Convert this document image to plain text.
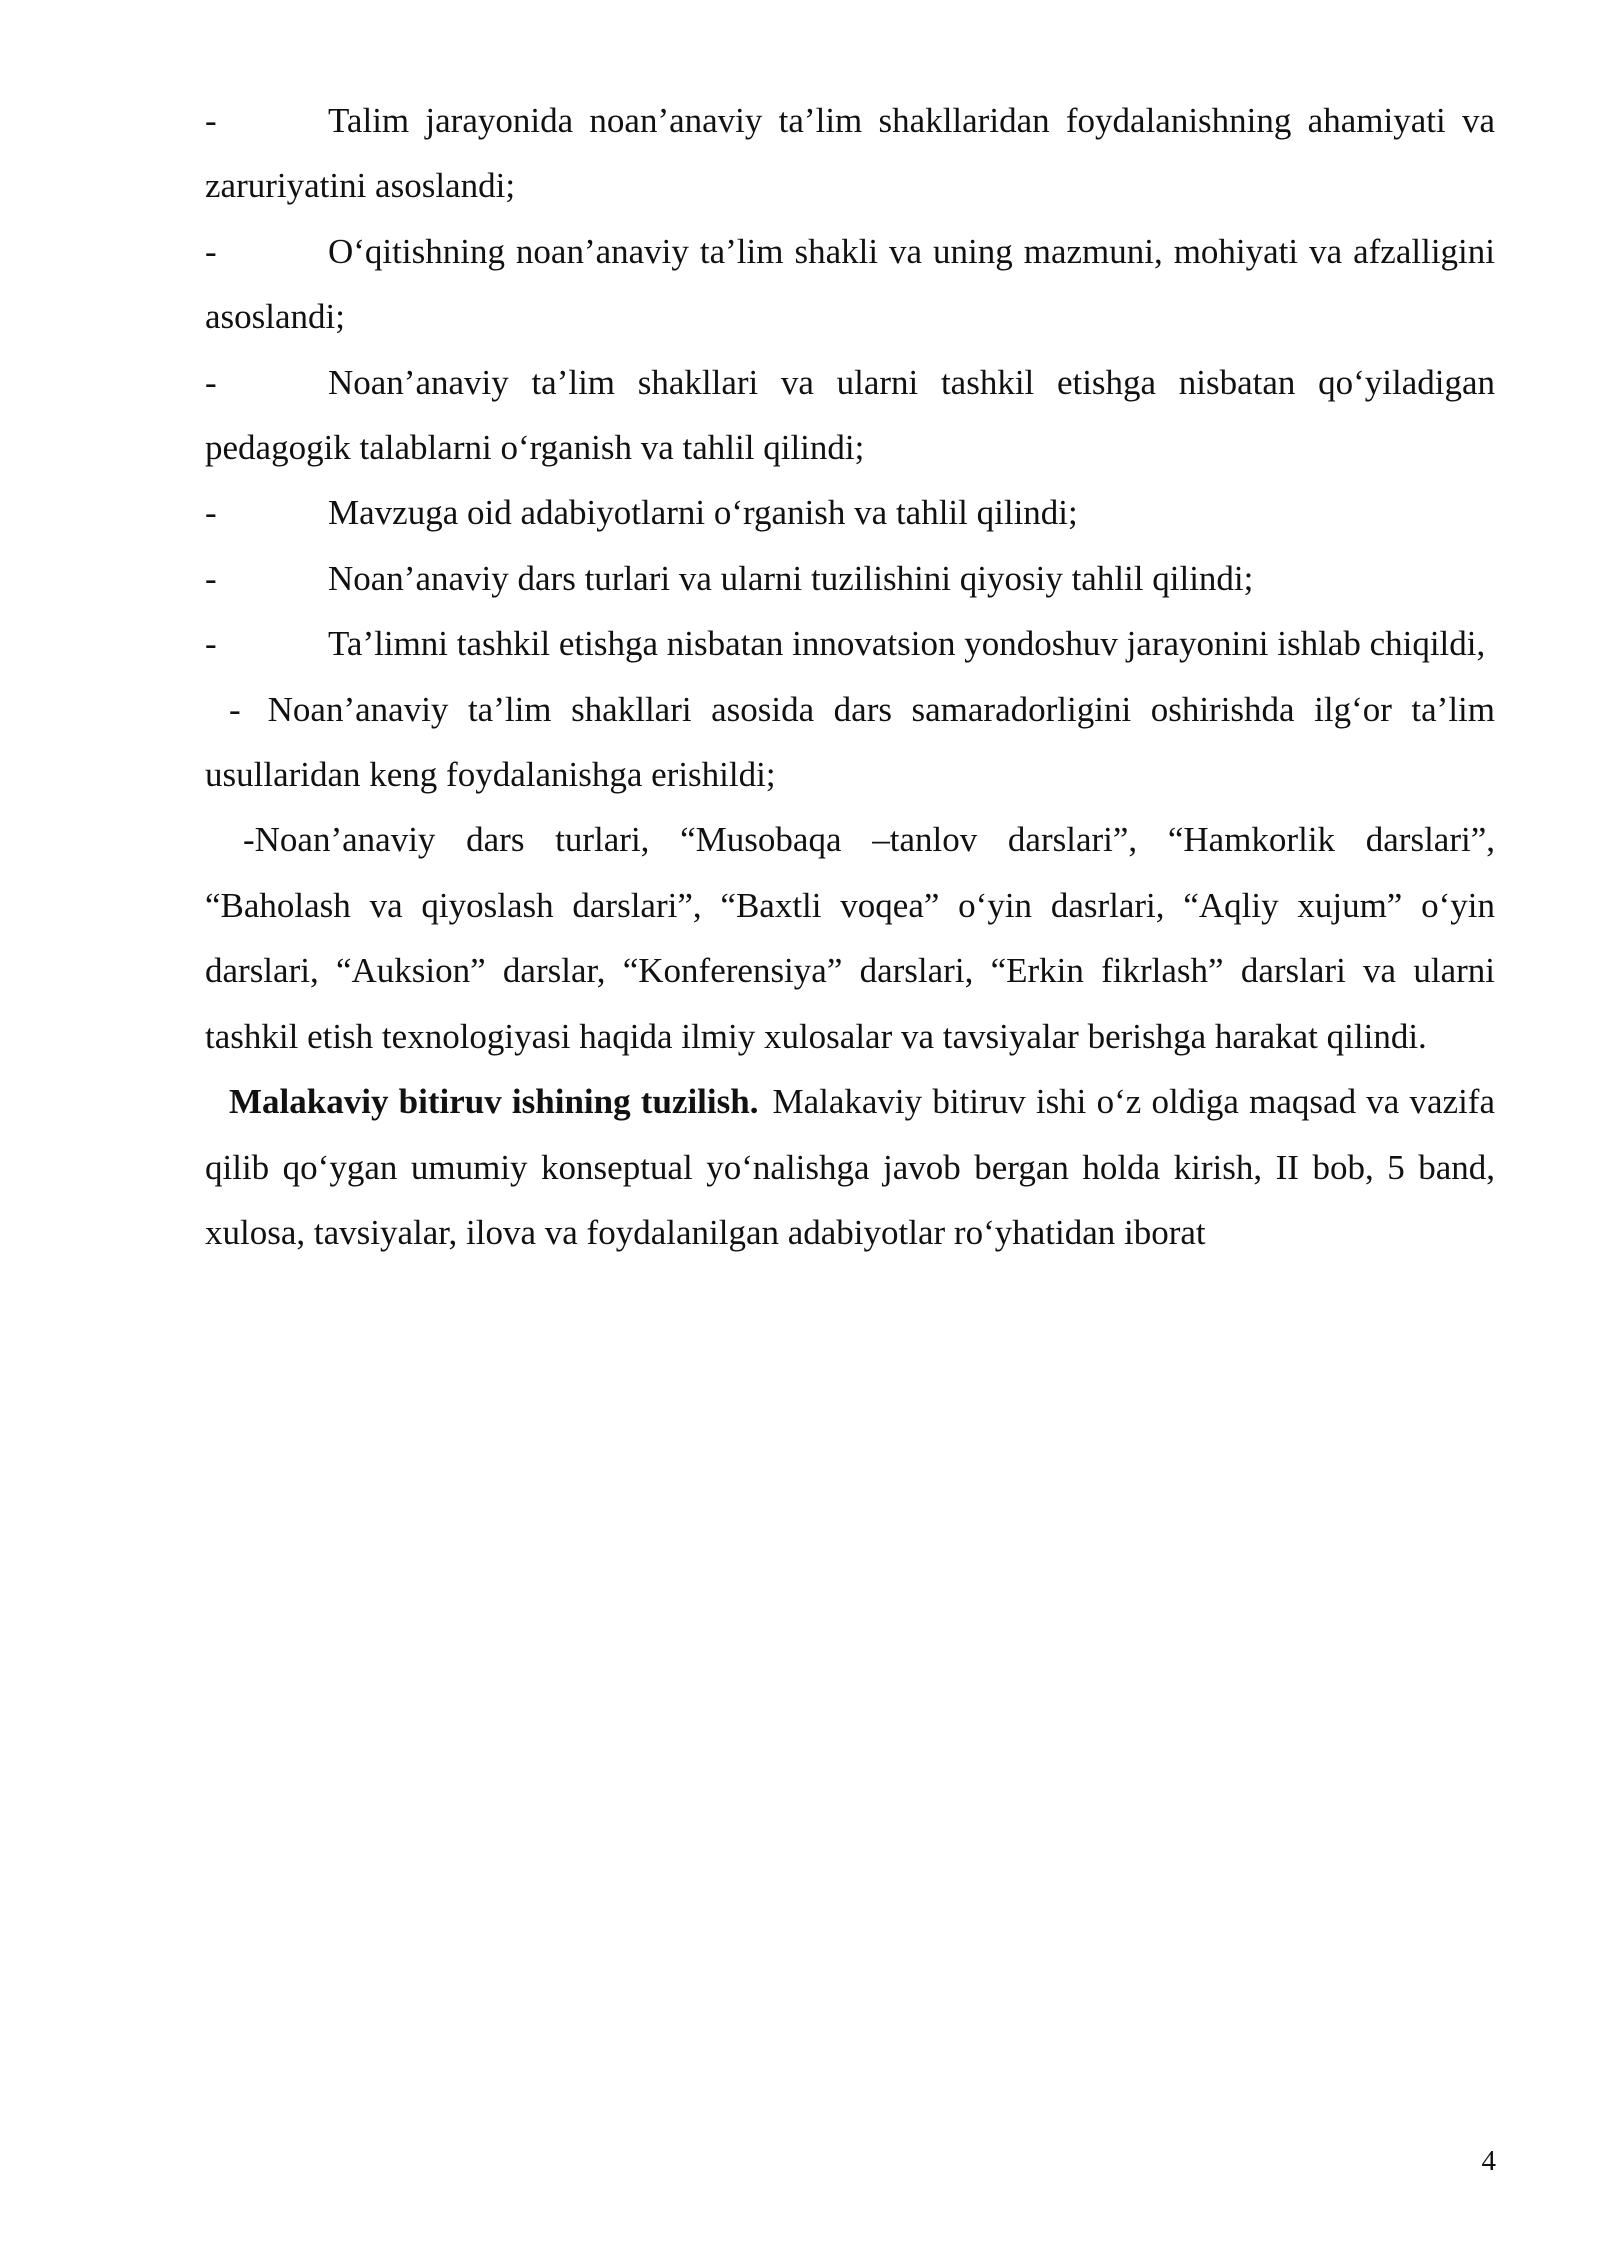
-	Talim jarayonida noan’anaviy ta’lim shakllaridan foydalanishning ahamiyati va zaruriyatini asoslandi;

-	O‘qitishning noan’anaviy ta’lim shakli va uning mazmuni, mohiyati va afzalligini asoslandi;

-	Noan’anaviy ta’lim shakllari va ularni tashkil etishga nisbatan qo‘yiladigan pedagogik talablarni o‘rganish va tahlil qilindi;

-	Mavzuga oid adabiyotlarni o‘rganish va tahlil qilindi;

-	Noan’anaviy dars turlari va ularni tuzilishini qiyosiy tahlil qilindi;

-	Ta’limni tashkil etishga nisbatan innovatsion yondoshuv jarayonini ishlab chiqildi,

- Noan’anaviy ta’lim shakllari asosida dars samaradorligini oshirishda ilg‘or ta’lim usullaridan keng foydalanishga erishildi;

-Noan’anaviy dars turlari, “Musobaqa –tanlov darslari”, “Hamkorlik darslari”, “Baholash va qiyoslash darslari”, “Baxtli voqea” o‘yin dasrlari, “Aqliy xujum” o‘yin darslari, “Auksion” darslar, “Konferensiya” darslari, “Erkin fikrlash” darslari va ularni tashkil etish texnologiyasi haqida ilmiy xulosalar va tavsiyalar berishga harakat qilindi.

Malakaviy bitiruv ishining tuzilish. Malakaviy bitiruv ishi o‘z oldiga maqsad va vazifa qilib qo‘ygan umumiy konseptual yo‘nalishga javob bergan holda kirish, II bob, 5 band, xulosa, tavsiyalar, ilova va foydalanilgan adabiyotlar ro‘yhatidan iborat

4
